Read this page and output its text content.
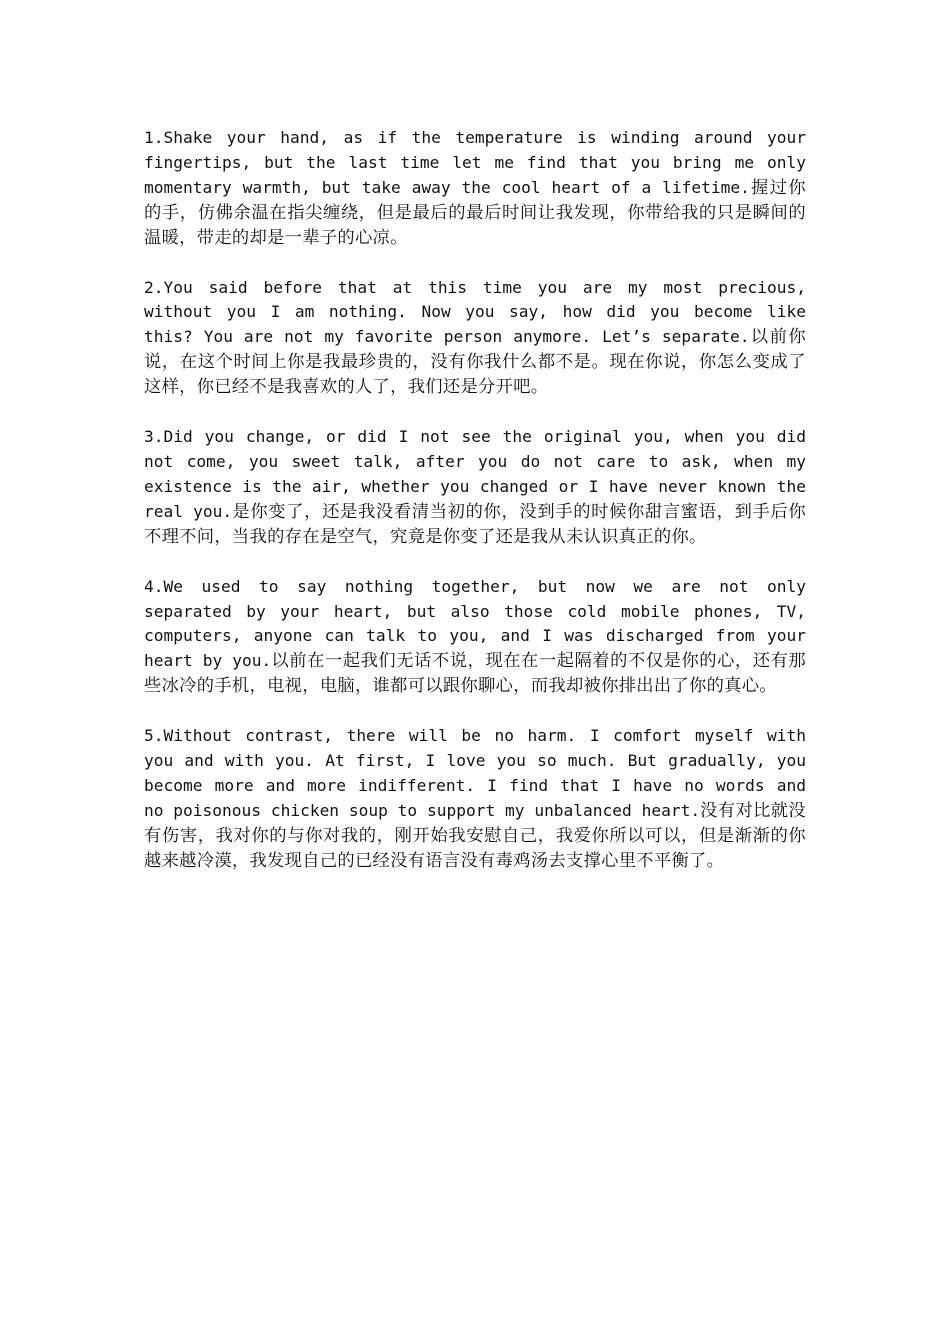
1.Shake your hand, as if the temperature is winding around your fingertips, but the last time let me find that you bring me only momentary warmth, but take away the cool heart of a lifetime.握过你的手，仿佛余温在指尖缠绕，但是最后的最后时间让我发现，你带给我的只是瞬间的温暖，带走的却是一辈子的心凉。

2.You said before that at this time you are my most precious, without you I am nothing. Now you say, how did you become like this? You are not my favorite person anymore. Let’s separate.以前你说，在这个时间上你是我最珍贵的，没有你我什么都不是。现在你说，你怎么变成了这样，你已经不是我喜欢的人了，我们还是分开吧。

3.Did you change, or did I not see the original you, when you did not come, you sweet talk, after you do not care to ask, when my existence is the air, whether you changed or I have never known the real you.是你变了，还是我没看清当初的你，没到手的时候你甜言蜜语，到手后你不理不问，当我的存在是空气，究竟是你变了还是我从未认识真正的你。

4.We used to say nothing together, but now we are not only separated by your heart, but also those cold mobile phones, TV, computers, anyone can talk to you, and I was discharged from your heart by you.以前在一起我们无话不说，现在在一起隔着的不仅是你的心，还有那些冰冷的手机，电视，电脑，谁都可以跟你聊心，而我却被你排出出了你的真心。

5.Without contrast, there will be no harm. I comfort myself with you and with you. At first, I love you so much. But gradually, you become more and more indifferent. I find that I have no words and no poisonous chicken soup to support my unbalanced heart.没有对比就没有伤害，我对你的与你对我的，刚开始我安慰自己，我爱你所以可以，但是渐渐的你越来越冷漠，我发现自己的已经没有语言没有毒鸡汤去支撑心里不平衡了。
